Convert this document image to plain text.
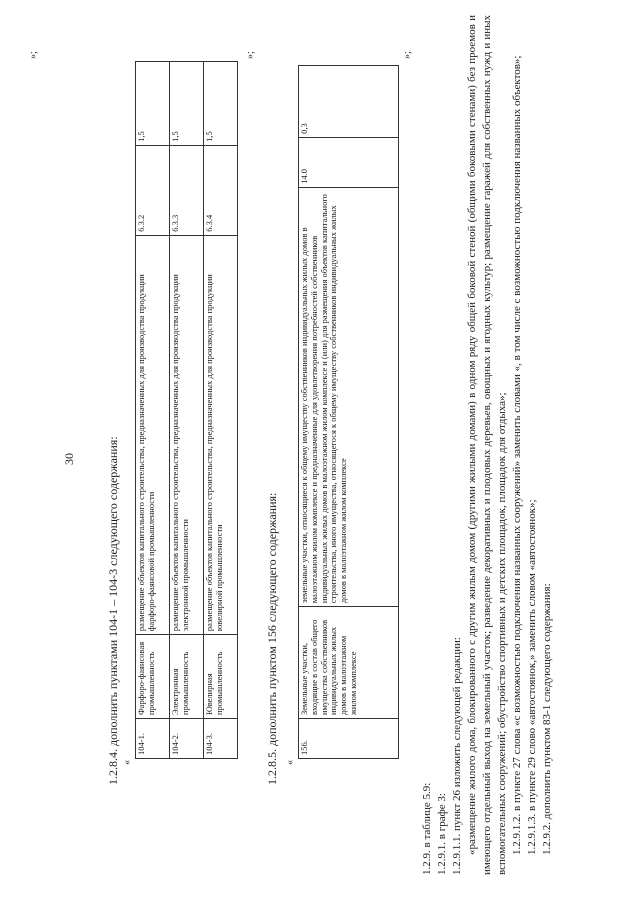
30
»;
1.2.8.4. дополнить пунктами 104-1 – 104-3 следующего содержания: «
104-1.	Фарфоро-фаянсовая промышленность	размещение объектов капитального строительства, предназначенных для производства продукции фарфоро-фаянсовой промышленности	6.3.2	1,5
104-2.	Электронная промышленность	размещение объектов капитального строительства, предназначенных для производства продукции электронной промышленности	6.3.3	1,5
104-3.	Ювелирная промышленность	размещение объектов капитального строительства, предназначенных для производства продукции ювелирной промышленности	6.3.4	1,5
»;
1.2.8.5. дополнить пунктом 156 следующего содержания: «
156.	Земельные участки, входящие в состав общего имущества собственников индивидуальных жилых домов в малоэтажном жилом комплексе	земельные участки, относящиеся к общему имуществу собственников индивидуальных жилых домов в малоэтажном жилом комплексе и предназначенные для удовлетворения потребностей собственников индивидуальных жилых домов в малоэтажном жилом комплексе и (или) для размещения объектов капитального строительства, иного имущества, относящегося к общему имуществу собственников индивидуальных жилых домов в малоэтажном жилом комплексе	14.0	0,3
»;

1.2.9. в таблице 5.9: 1.2.9.1. в графе 3: 1.2.9.1.1. пункт 26 изложить следующей редакции: «размещение жилого дома, блокированного с другим жилым домом (другими жилыми домами) в одном ряду общей боковой стеной (общими боковыми стенами) без проемов и имеющего отдельный выход на земельный участок; разведение декоративных и плодовых деревьев, овощных и ягодных культур; размещение гаражей для собственных нужд и иных вспомогательных сооружений; обустройство спортивных и детских площадок, площадок для отдыха»; 1.2.9.1.2. в пункте 27 слова «с возможностью подключения названных сооружений» заменить словами «, в том числе с возможностью подключения названных объектов»; 1.2.9.1.3. в пункте 29 слово «автостоянок,» заменить словом «автостоянок»; 1.2.9.2. дополнить пунктом 83-1 следующего содержания:
